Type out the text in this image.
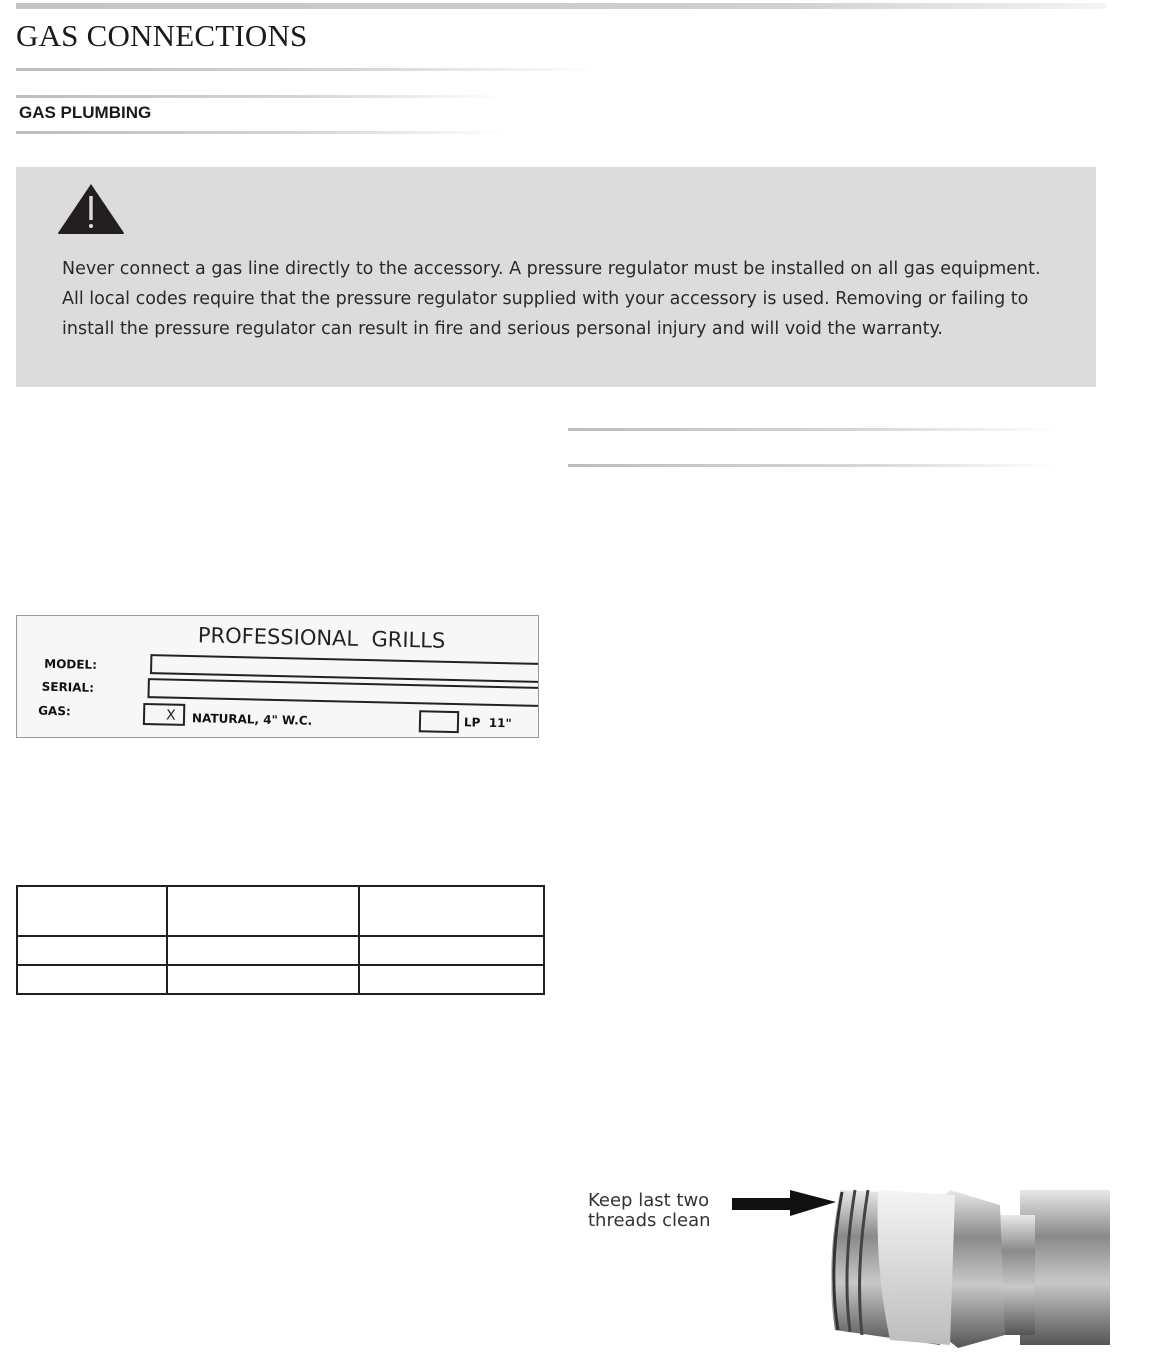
GAS CONNECTIONS
GAS PLUMBING

Never connect a gas line directly to the accessory. A pressure regulator must be installed on all gas equipment.

All local codes require that the pressure regulator supplied with your accessory is used. Removing or failing to

install the pressure regulator can result in fire and serious personal injury and will void the warranty.

PROFESSIONAL  GRILLS
MODEL:
SERIAL:
GAS:	X NATURAL, 4" W.C.	LP  11"

Keep last two

threads clean
